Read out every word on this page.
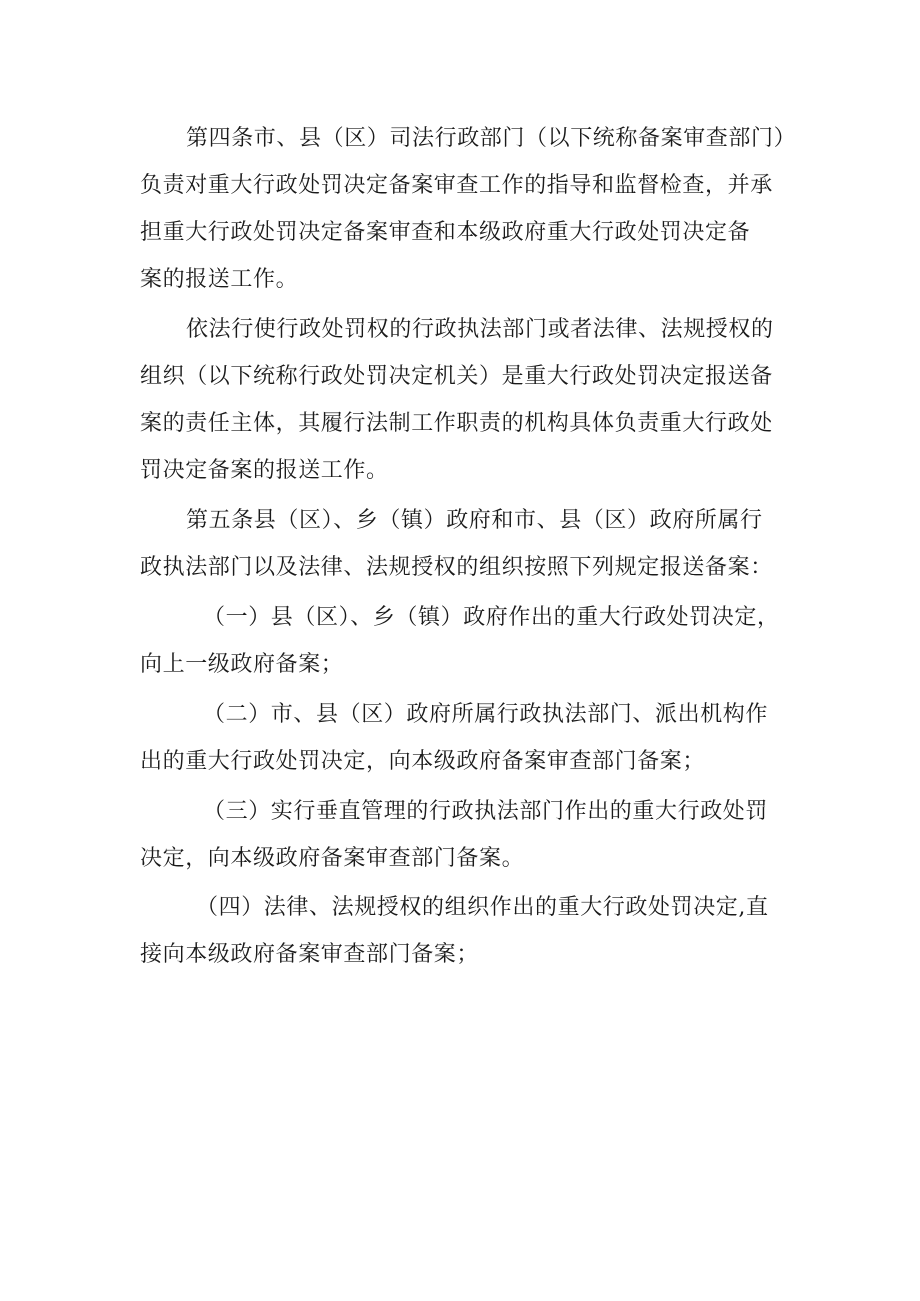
第四条市、县（区）司法行政部门（以下统称备案审查部门）
负责对重大行政处罚决定备案审查工作的指导和监督检查，并承
担重大行政处罚决定备案审查和本级政府重大行政处罚决定备
案的报送工作。
依法行使行政处罚权的行政执法部门或者法律、法规授权的
组织（以下统称行政处罚决定机关）是重大行政处罚决定报送备
案的责任主体，其履行法制工作职责的机构具体负责重大行政处
罚决定备案的报送工作。
第五条县（区）、乡（镇）政府和市、县（区）政府所属行
政执法部门以及法律、法规授权的组织按照下列规定报送备案：
（一）县（区）、乡（镇）政府作出的重大行政处罚决定，
向上一级政府备案；
（二）市、县（区）政府所属行政执法部门、派出机构作
出的重大行政处罚决定，向本级政府备案审查部门备案；
（三）实行垂直管理的行政执法部门作出的重大行政处罚
决定，向本级政府备案审查部门备案。
（四）法律、法规授权的组织作出的重大行政处罚决定,直
接向本级政府备案审查部门备案；
